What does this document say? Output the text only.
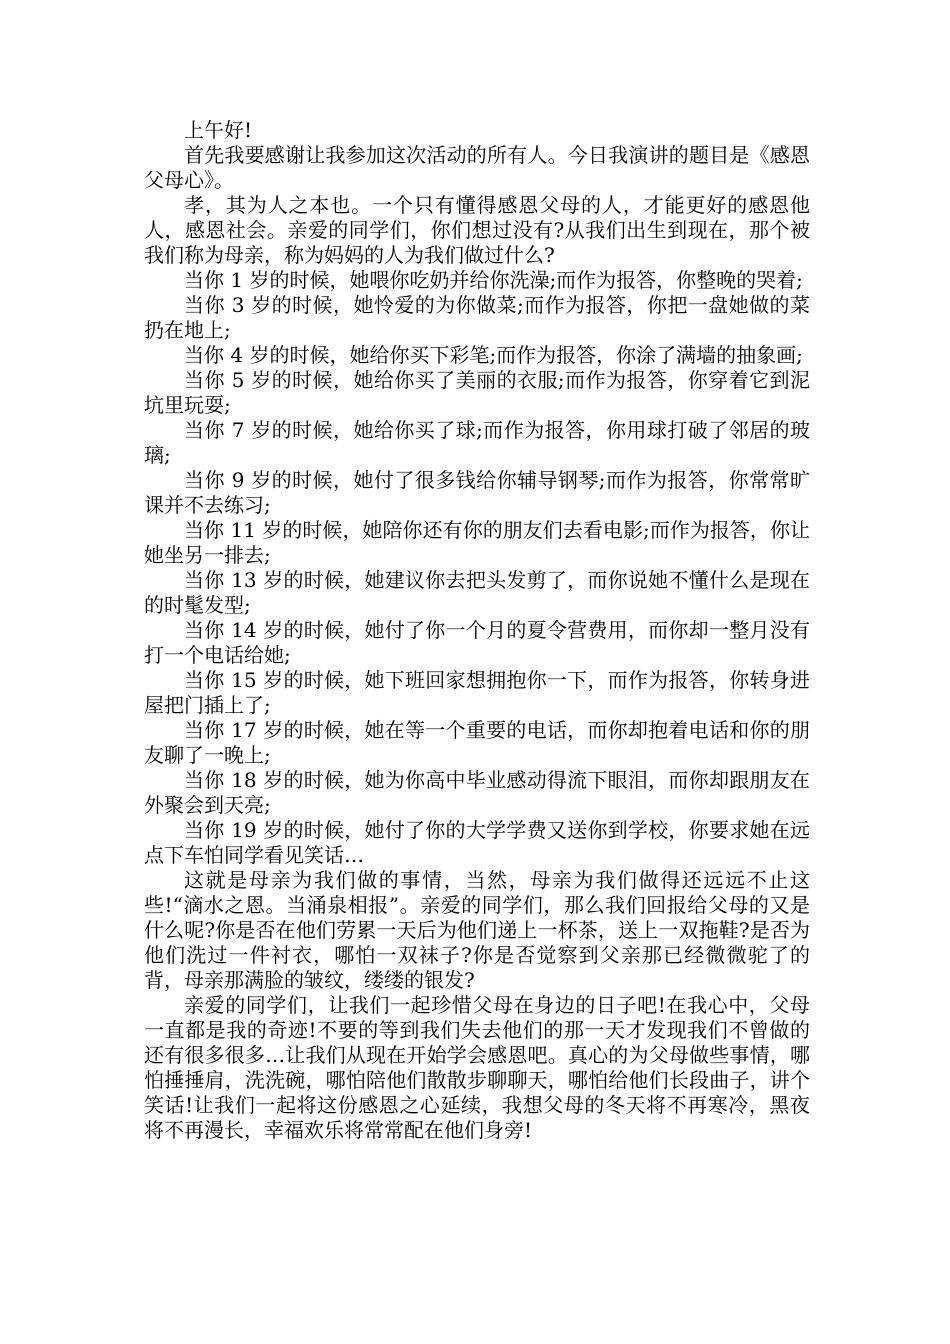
上午好!

首先我要感谢让我参加这次活动的所有人。今日我演讲的题目是《感恩父母心》。

孝，其为人之本也。一个只有懂得感恩父母的人，才能更好的感恩他人，感恩社会。亲爱的同学们，你们想过没有?从我们出生到现在，那个被我们称为母亲，称为妈妈的人为我们做过什么?

当你 1 岁的时候，她喂你吃奶并给你洗澡;而作为报答，你整晚的哭着;

当你 3 岁的时候，她怜爱的为你做菜;而作为报答，你把一盘她做的菜扔在地上;

当你 4 岁的时候，她给你买下彩笔;而作为报答，你涂了满墙的抽象画;

当你 5 岁的时候，她给你买了美丽的衣服;而作为报答，你穿着它到泥坑里玩耍;

当你 7 岁的时候，她给你买了球;而作为报答，你用球打破了邻居的玻璃;

当你 9 岁的时候，她付了很多钱给你辅导钢琴;而作为报答，你常常旷课并不去练习;

当你 11 岁的时候，她陪你还有你的朋友们去看电影;而作为报答，你让她坐另一排去;

当你 13 岁的时候，她建议你去把头发剪了，而你说她不懂什么是现在的时髦发型;

当你 14 岁的时候，她付了你一个月的夏令营费用，而你却一整月没有打一个电话给她;

当你 15 岁的时候，她下班回家想拥抱你一下，而作为报答，你转身进屋把门插上了;

当你 17 岁的时候，她在等一个重要的电话，而你却抱着电话和你的朋友聊了一晚上;

当你 18 岁的时候，她为你高中毕业感动得流下眼泪，而你却跟朋友在外聚会到天亮;

当你 19 岁的时候，她付了你的大学学费又送你到学校，你要求她在远点下车怕同学看见笑话…

这就是母亲为我们做的事情，当然，母亲为我们做得还远远不止这些!“滴水之恩。当涌泉相报”。亲爱的同学们，那么我们回报给父母的又是什么呢?你是否在他们劳累一天后为他们递上一杯茶，送上一双拖鞋?是否为他们洗过一件衬衣，哪怕一双袜子?你是否觉察到父亲那已经微微驼了的背，母亲那满脸的皱纹，缕缕的银发?

亲爱的同学们，让我们一起珍惜父母在身边的日子吧!在我心中，父母一直都是我的奇迹!不要的等到我们失去他们的那一天才发现我们不曾做的还有很多很多…让我们从现在开始学会感恩吧。真心的为父母做些事情，哪怕捶捶肩，洗洗碗，哪怕陪他们散散步聊聊天，哪怕给他们长段曲子，讲个笑话!让我们一起将这份感恩之心延续，我想父母的冬天将不再寒冷，黑夜将不再漫长，幸福欢乐将常常配在他们身旁!
